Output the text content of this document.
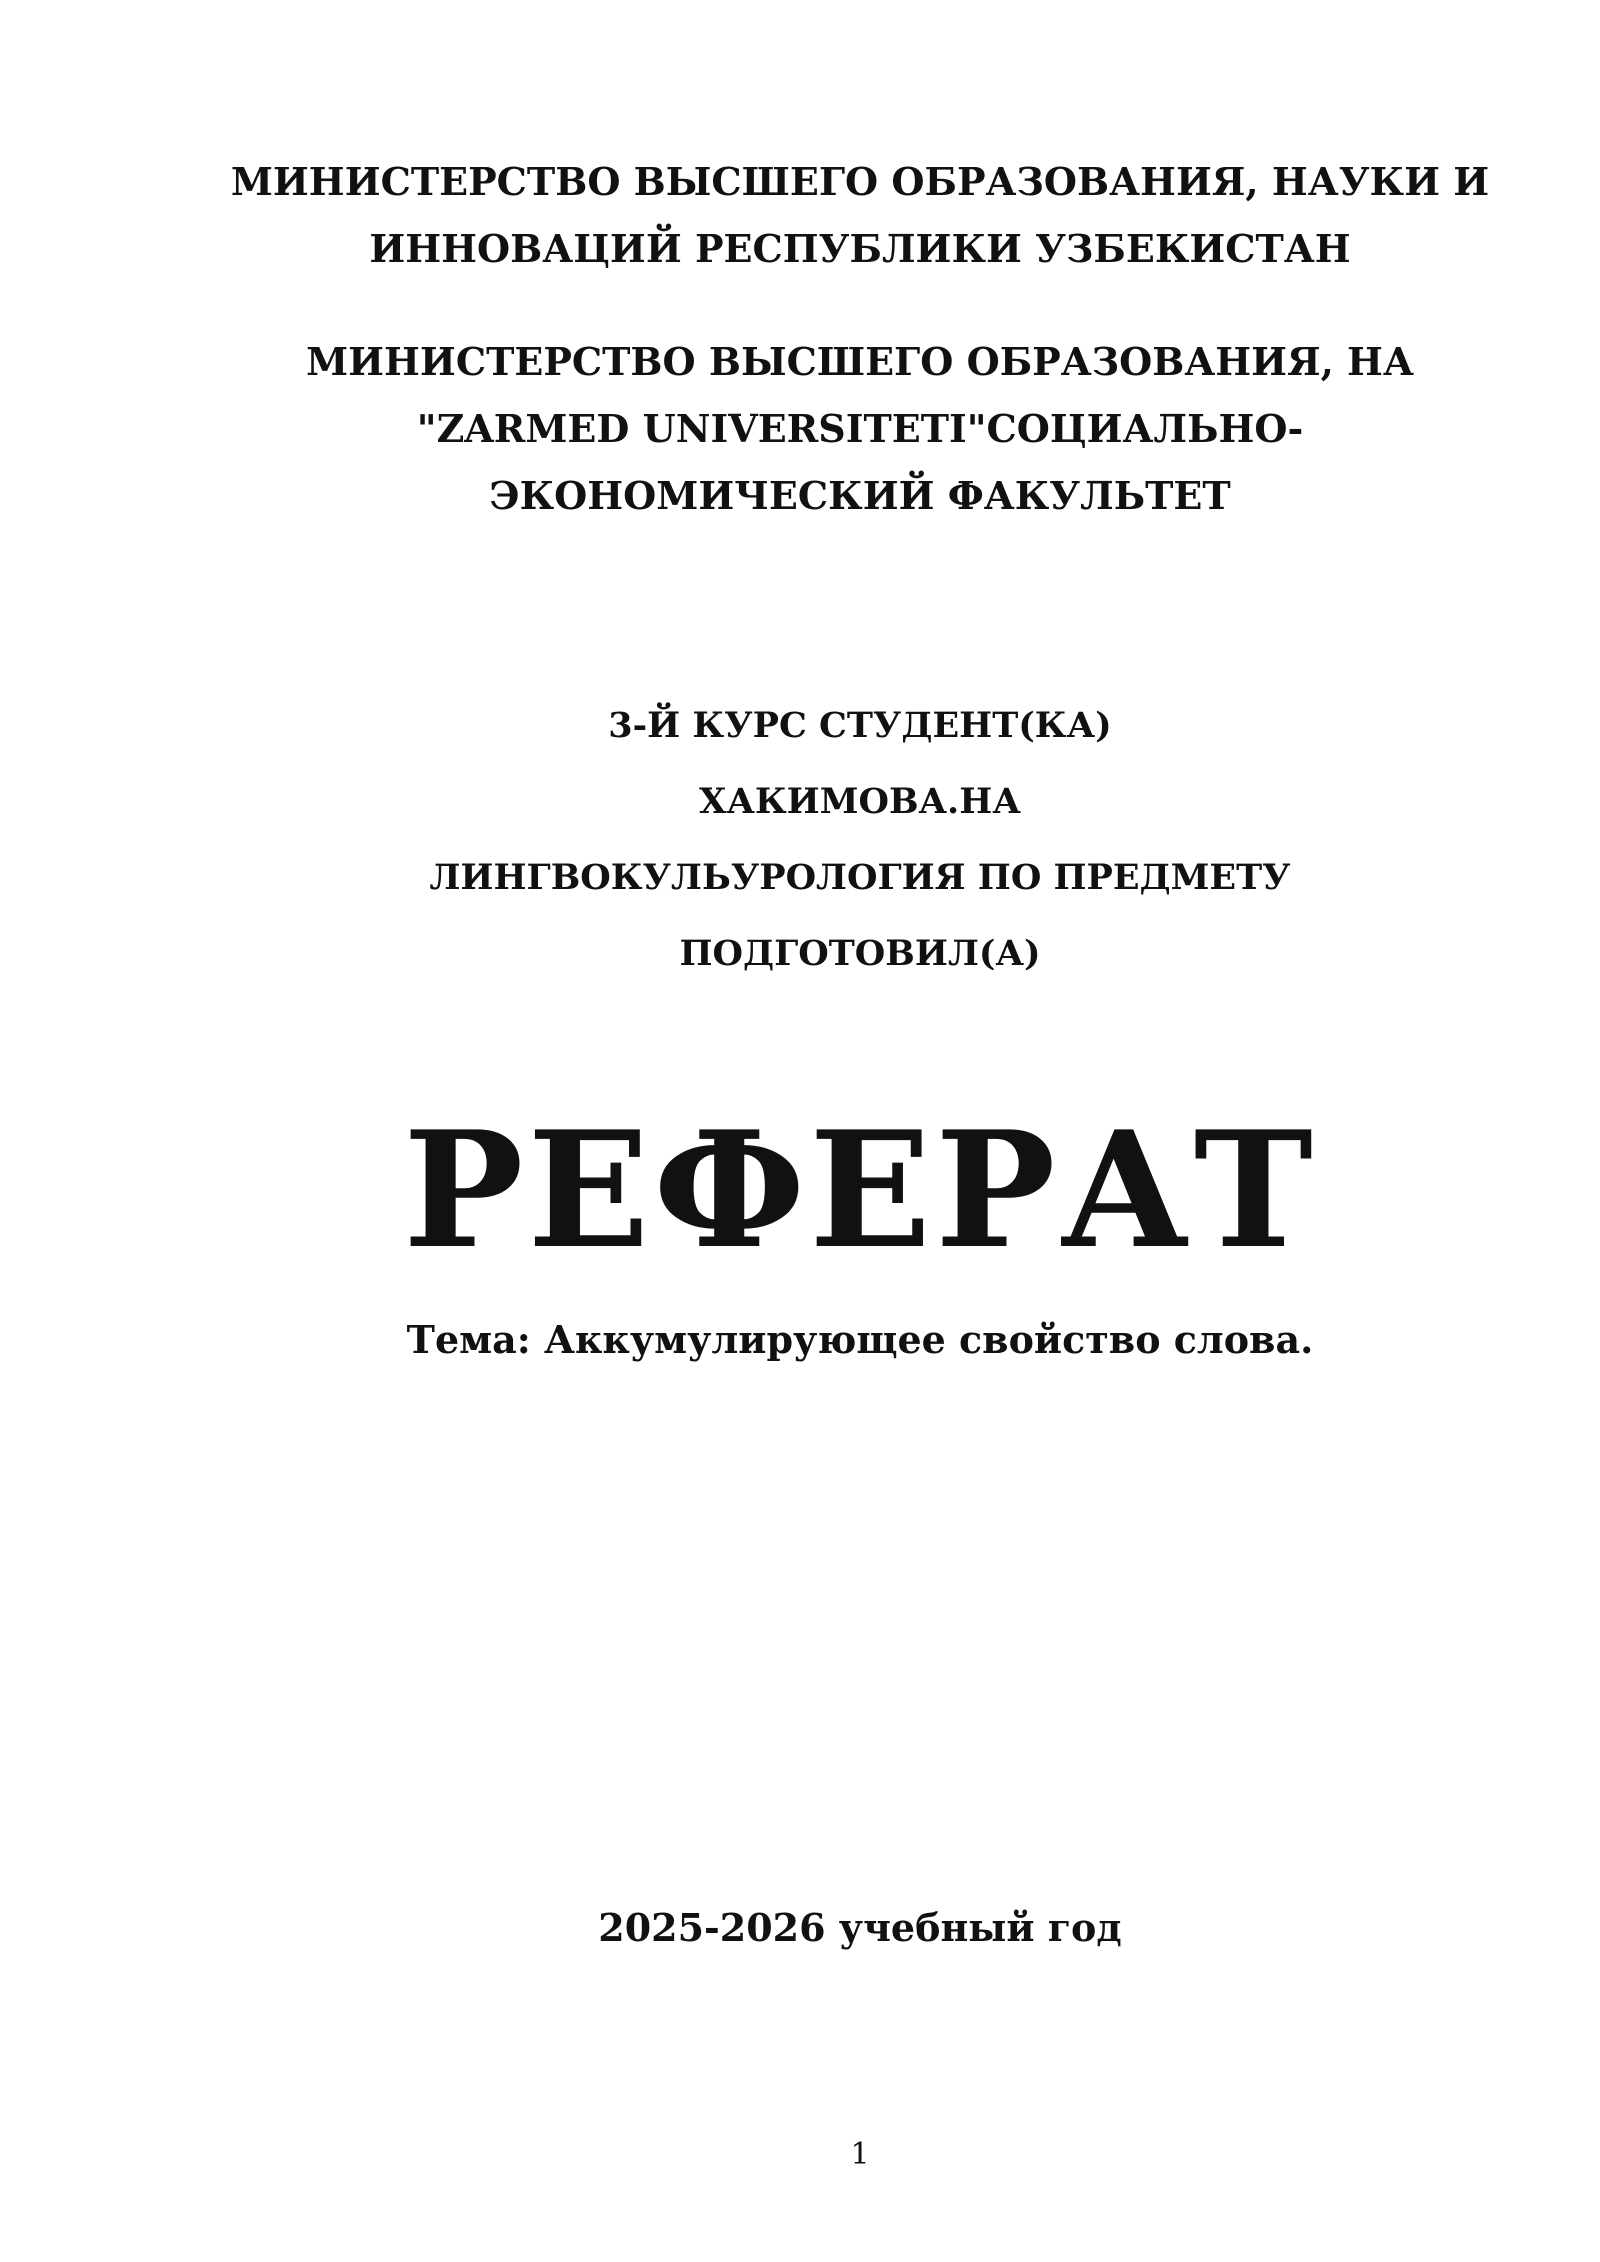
МИНИСТЕРСТВО ВЫСШЕГО ОБРАЗОВАНИЯ, НАУКИ И
ИННОВАЦИЙ РЕСПУБЛИКИ УЗБЕКИСТАН
МИНИСТЕРСТВО ВЫСШЕГО ОБРАЗОВАНИЯ, НА
"ZARMED UNIVERSITETI"СОЦИАЛЬНО-
ЭКОНОМИЧЕСКИЙ ФАКУЛЬТЕТ
3-Й КУРС СТУДЕНТ(КА)
ХАКИМОВА.НА
ЛИНГВОКУЛЬУРОЛОГИЯ ПО ПРЕДМЕТУ
ПОДГОТОВИЛ(А)
РЕФЕРАТ
Тема: Аккумулирующее свойство слова.
2025-2026 учебный год
1
